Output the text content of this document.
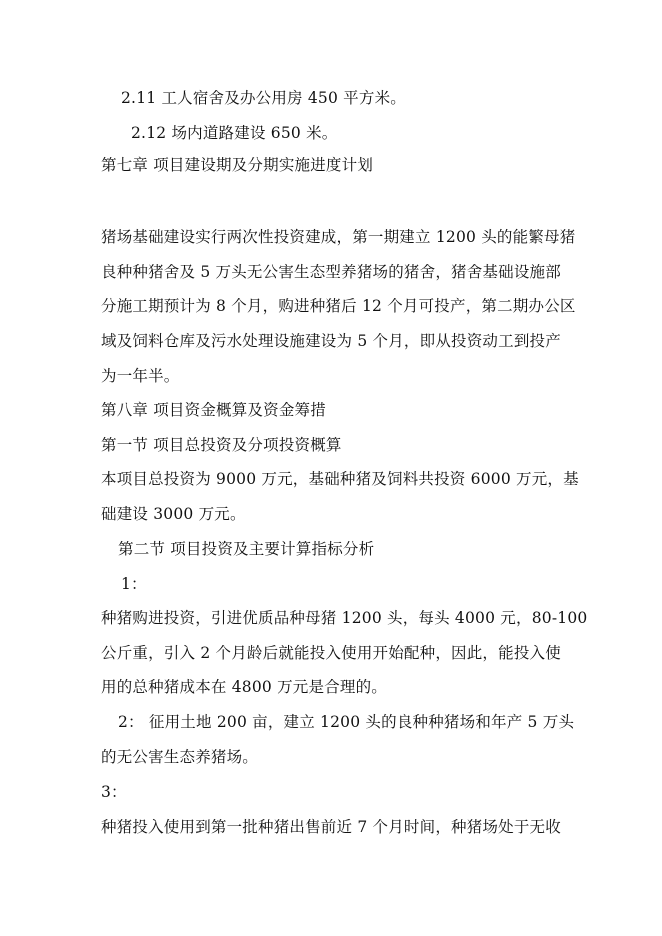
2.11 工人宿舍及办公用房 450 平方米。
2.12 场内道路建设 650 米。
第七章 项目建设期及分期实施进度计划
猪场基础建设实行两次性投资建成，第一期建立 1200 头的能繁母猪
良种种猪舍及 5 万头无公害生态型养猪场的猪舍，猪舍基础设施部
分施工期预计为 8 个月，购进种猪后 12 个月可投产，第二期办公区
域及饲料仓库及污水处理设施建设为 5 个月，即从投资动工到投产
为一年半。
第八章 项目资金概算及资金筹措
第一节 项目总投资及分项投资概算
本项目总投资为 9000 万元，基础种猪及饲料共投资 6000 万元，基
础建设 3000 万元。
第二节 项目投资及主要计算指标分析
1：
种猪购进投资，引进优质品种母猪 1200 头，每头 4000 元，80-100
公斤重，引入 2 个月龄后就能投入使用开始配种，因此，能投入使
用的总种猪成本在 4800 万元是合理的。
2： 征用土地 200 亩，建立 1200 头的良种种猪场和年产 5 万头
的无公害生态养猪场。
3：
种猪投入使用到第一批种猪出售前近 7 个月时间，种猪场处于无收
